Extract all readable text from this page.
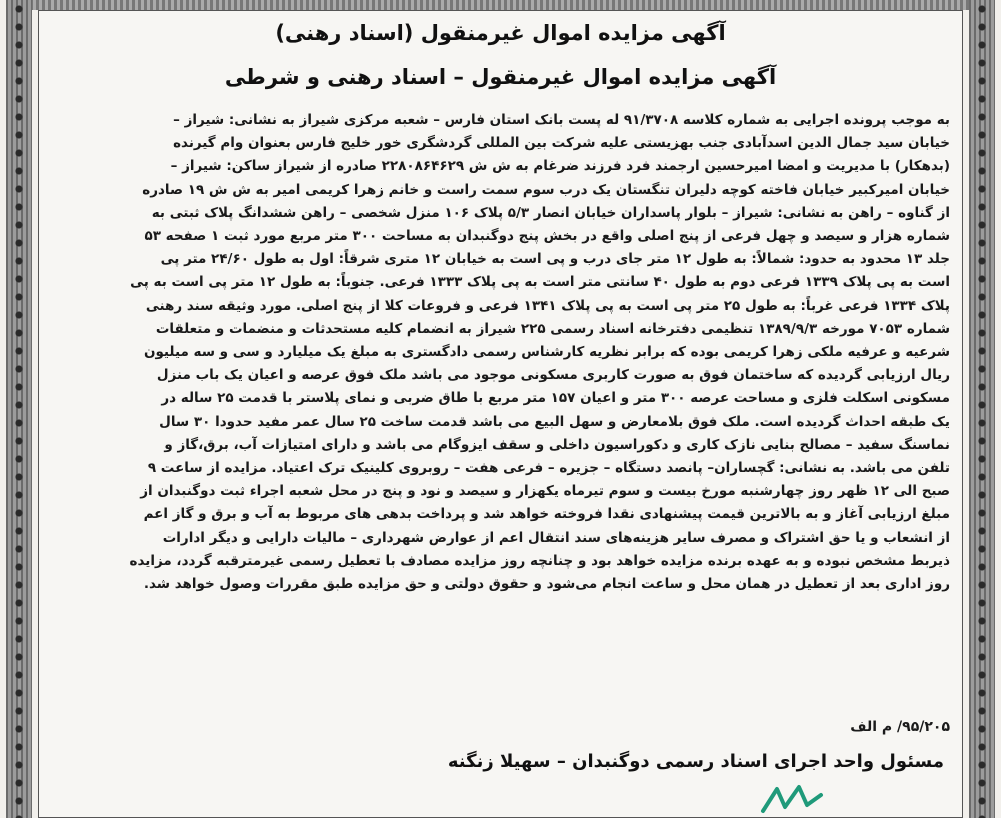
آگهی مزایده اموال غیرمنقول (اسناد رهنی)
آگهی مزایده اموال غیرمنقول – اسناد رهنی و شرطی
به موجب پرونده اجرایی به شماره کلاسه ۹۱/۳۷۰۸ له پست بانک استان فارس – شعبه مرکزی شیراز به نشانی: شیراز –
خیابان سید جمال الدین اسدآبادی جنب بهزیستی علیه شرکت بین المللی گردشگری خور خلیج فارس بعنوان وام گیرنده
(بدهکار) با مدیریت و امضا امیرحسین ارجمند فرد فرزند ضرغام به ش ش ۲۲۸۰۸۶۴۶۲۹ صادره از شیراز ساکن: شیراز –
خیابان امیرکبیر خیابان فاخته کوچه دلیران تنگستان یک درب سوم سمت راست و خانم زهرا کریمی امیر به ش ش ۱۹ صادره
از گناوه – راهن به نشانی: شیراز – بلوار پاسداران خیابان انصار ۵/۳ پلاک ۱۰۶ منزل شخصی – راهن ششدانگ پلاک ثبتی به
شماره هزار و سیصد و چهل فرعی از پنج اصلی واقع در بخش پنج دوگنبدان به مساحت ۳۰۰ متر مربع مورد ثبت ۱ صفحه ۵۳
جلد ۱۳ محدود به حدود: شمالاً: به طول ۱۲ متر جای درب و پی است به خیابان ۱۲ متری شرقاً: اول به طول ۲۴/۶۰ متر پی
است به پی پلاک ۱۳۳۹ فرعی دوم به طول ۴۰ سانتی متر است به پی پلاک ۱۳۳۳ فرعی. جنوباً: به طول ۱۲ متر پی است به پی
پلاک ۱۳۳۴ فرعی غرباً: به طول ۲۵ متر پی است به پی پلاک ۱۳۴۱ فرعی و فروعات کلا از پنج اصلی. مورد وثیقه سند رهنی
شماره ۷۰۵۳ مورخه ۱۳۸۹/۹/۳ تنظیمی دفترخانه اسناد رسمی ۲۲۵ شیراز به انضمام کلیه مستحدثات و منضمات و متعلقات
شرعیه و عرفیه ملکی زهرا کریمی بوده که برابر نظریه کارشناس رسمی دادگستری به مبلغ یک میلیارد و سی و سه میلیون
ریال ارزیابی گردیده که ساختمان فوق به صورت کاربری مسکونی موجود می باشد ملک فوق عرصه و اعیان یک باب منزل
مسکونی اسکلت فلزی و مساحت عرصه ۳۰۰ متر و اعیان ۱۵۷ متر مربع با طاق ضربی و نمای پلاستر با قدمت ۲۵ ساله در
یک طبقه احداث گردیده است. ملک فوق بلامعارض و سهل البیع می باشد قدمت ساخت ۲۵ سال عمر مفید حدودا ۳۰ سال
نماسنگ سفید – مصالح بنایی نازک کاری و دکوراسیون داخلی و سقف ایزوگام می باشد و دارای امتیازات آب، برق،گاز و
تلفن می باشد. به نشانی: گچساران– پانصد دستگاه – جزیره – فرعی هفت – روبروی کلینیک ترک اعتیاد. مزایده از ساعت ۹
صبح الی ۱۲ ظهر روز چهارشنبه مورخ بیست و سوم تیرماه یکهزار و سیصد و نود و پنج در محل شعبه اجراء ثبت دوگنبدان از
مبلغ ارزیابی آغاز و به بالاترین قیمت پیشنهادی نقدا فروخته خواهد شد و پرداخت بدهی های مربوط به آب و برق و گاز اعم
از انشعاب و یا حق اشتراک و مصرف سایر هزینه‌های سند انتقال اعم از عوارض شهرداری – مالیات دارایی و دیگر ادارات
ذیربط مشخص نبوده و به عهده برنده مزایده خواهد بود و چنانچه روز مزایده مصادف با تعطیل رسمی غیرمترقبه گردد، مزایده
روز اداری بعد از تعطیل در همان محل و ساعت انجام می‌شود و حقوق دولتی و حق مزایده طبق مقررات وصول خواهد شد.
۹۵/۲۰۵/ م الف
مسئول واحد اجرای اسناد رسمی دوگنبدان – سهیلا زنگنه
